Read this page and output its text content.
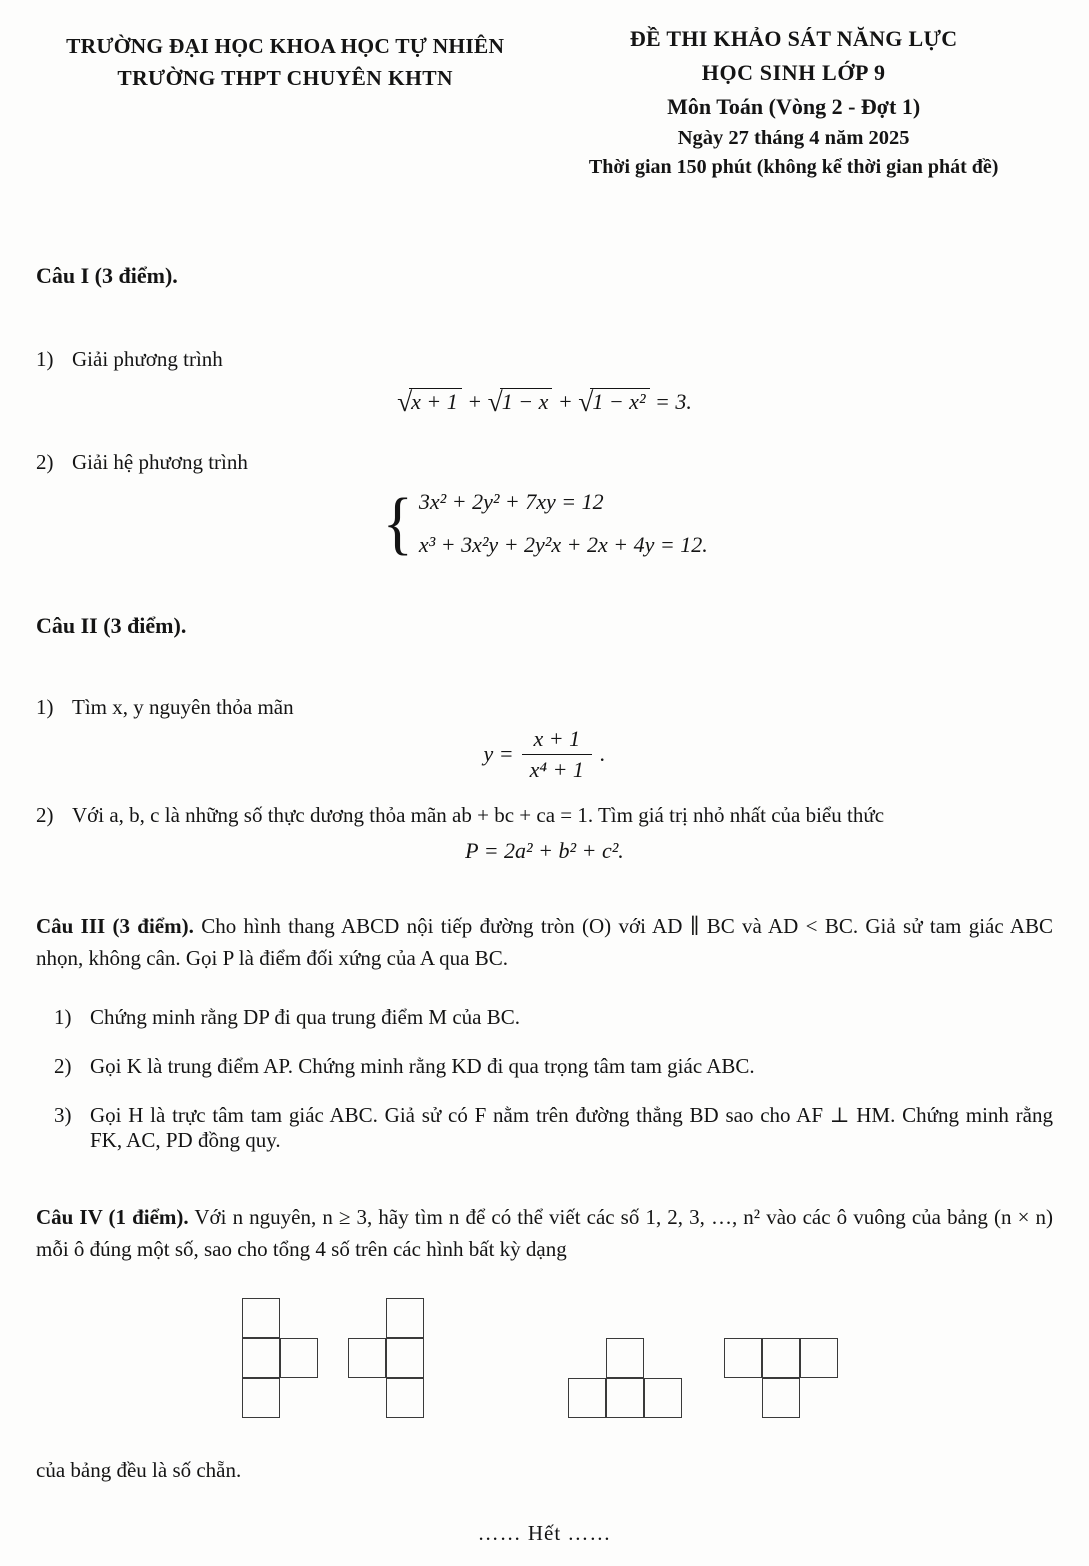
TRƯỜNG ĐẠI HỌC KHOA HỌC TỰ NHIÊN
TRƯỜNG THPT CHUYÊN KHTN
ĐỀ THI KHẢO SÁT NĂNG LỰC
HỌC SINH LỚP 9
Môn Toán (Vòng 2 - Đợt 1)
Ngày 27 tháng 4 năm 2025
Thời gian 150 phút (không kể thời gian phát đề)
Câu I (3 điểm).
1) Giải phương trình
√ x + 1 + √ 1 − x + √ 1 − x² = 3.
2) Giải hệ phương trình
{ 3x² + 2y² + 7xy = 12
x³ + 3x²y + 2y²x + 2x + 4y = 12.
Câu II (3 điểm).
1) Tìm x, y nguyên thỏa mãn
$y = \frac{x + 1}{\text{x⁴ + 1}}$ .
2) Với a, b, c là những số thực dương thỏa mãn ab + bc + ca = 1. Tìm giá trị nhỏ nhất của biểu thức
P = 2a² + b² + c².
Câu III (3 điểm). Cho hình thang ABCD nội tiếp đường tròn (O) với AD ∥ BC và AD < BC. Giả sử tam giác ABC nhọn, không cân. Gọi P là điểm đối xứng của A qua BC.
1) Chứng minh rằng DP đi qua trung điểm M của BC.
2) Gọi K là trung điểm AP. Chứng minh rằng KD đi qua trọng tâm tam giác ABC.
3) Gọi H là trực tâm tam giác ABC. Giả sử có F nằm trên đường thẳng BD sao cho AF ⊥ HM. Chứng minh rằng FK, AC, PD đồng quy.
Câu IV (1 điểm). Với n nguyên, n ≥ 3, hãy tìm n để có thể viết các số 1, 2, 3, …, n² vào các ô vuông của bảng (n × n) mỗi ô đúng một số, sao cho tổng 4 số trên các hình bất kỳ dạng
của bảng đều là số chẵn.
…… Hết ……
